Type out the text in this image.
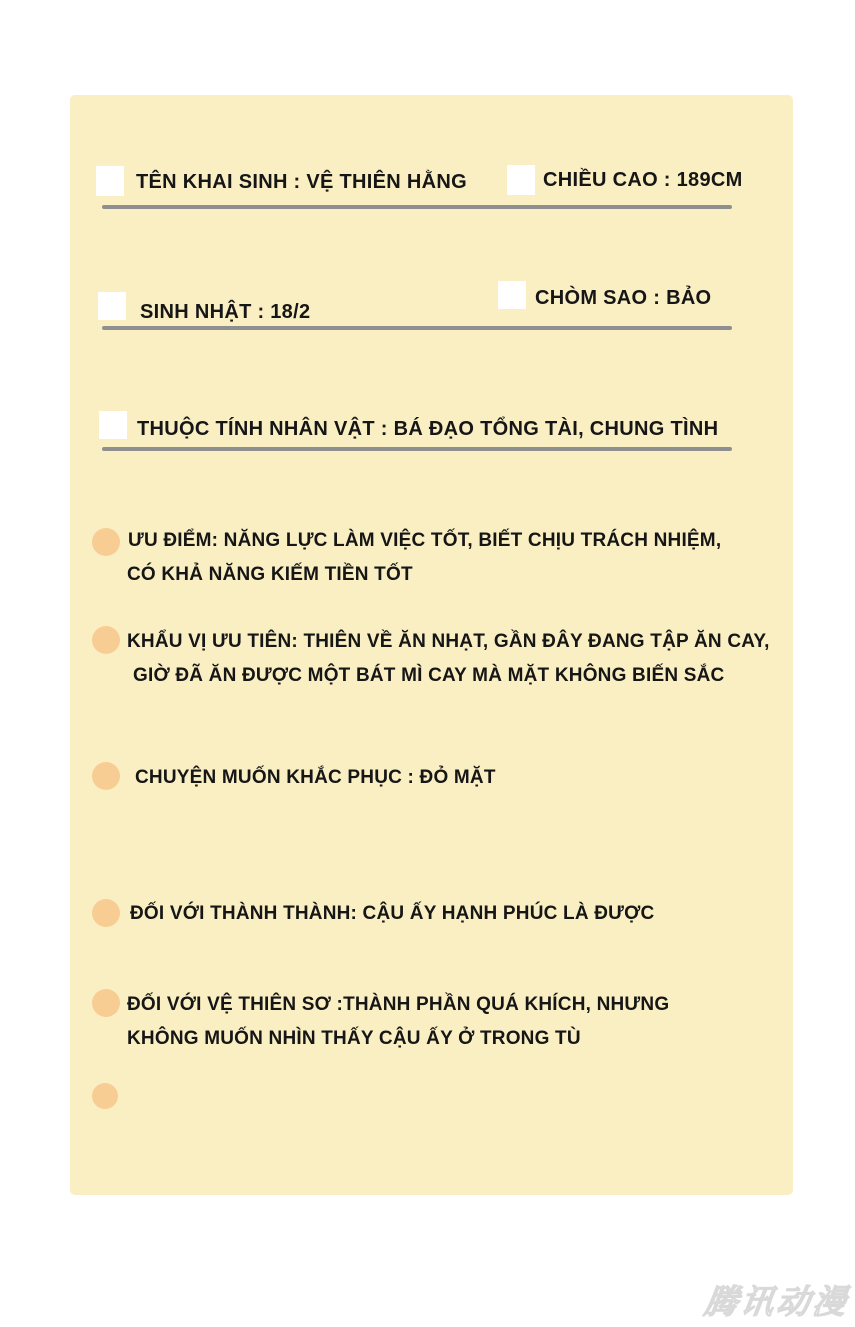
TÊN KHAI SINH : VỆ THIÊN HẰNG	CHIỀU CAO : 189CM
SINH NHẬT : 18/2
CHÒM SAO : BẢO
THUỘC TÍNH NHÂN VẬT : BÁ ĐẠO TỔNG TÀI, CHUNG TÌNH
ƯU ĐIỂM: NĂNG LỰC LÀM VIỆC TỐT, BIẾT CHỊU TRÁCH NHIỆM,
CÓ KHẢ NĂNG KIẾM TIỀN TỐT
KHẨU VỊ ƯU TIÊN: THIÊN VỀ ĂN NHẠT, GẦN ĐÂY ĐANG TẬP ĂN CAY,
GIỜ ĐÃ ĂN ĐƯỢC MỘT BÁT MÌ CAY MÀ MẶT KHÔNG BIẾN SẮC
CHUYỆN MUỐN KHẮC PHỤC : ĐỎ MẶT
ĐỐI VỚI THÀNH THÀNH: CẬU ẤY HẠNH PHÚC LÀ ĐƯỢC
ĐỐI VỚI VỆ THIÊN SƠ :THÀNH PHẦN QUÁ KHÍCH, NHƯNG
KHÔNG MUỐN NHÌN THẤY CẬU ẤY Ở TRONG TÙ
腾讯动漫
